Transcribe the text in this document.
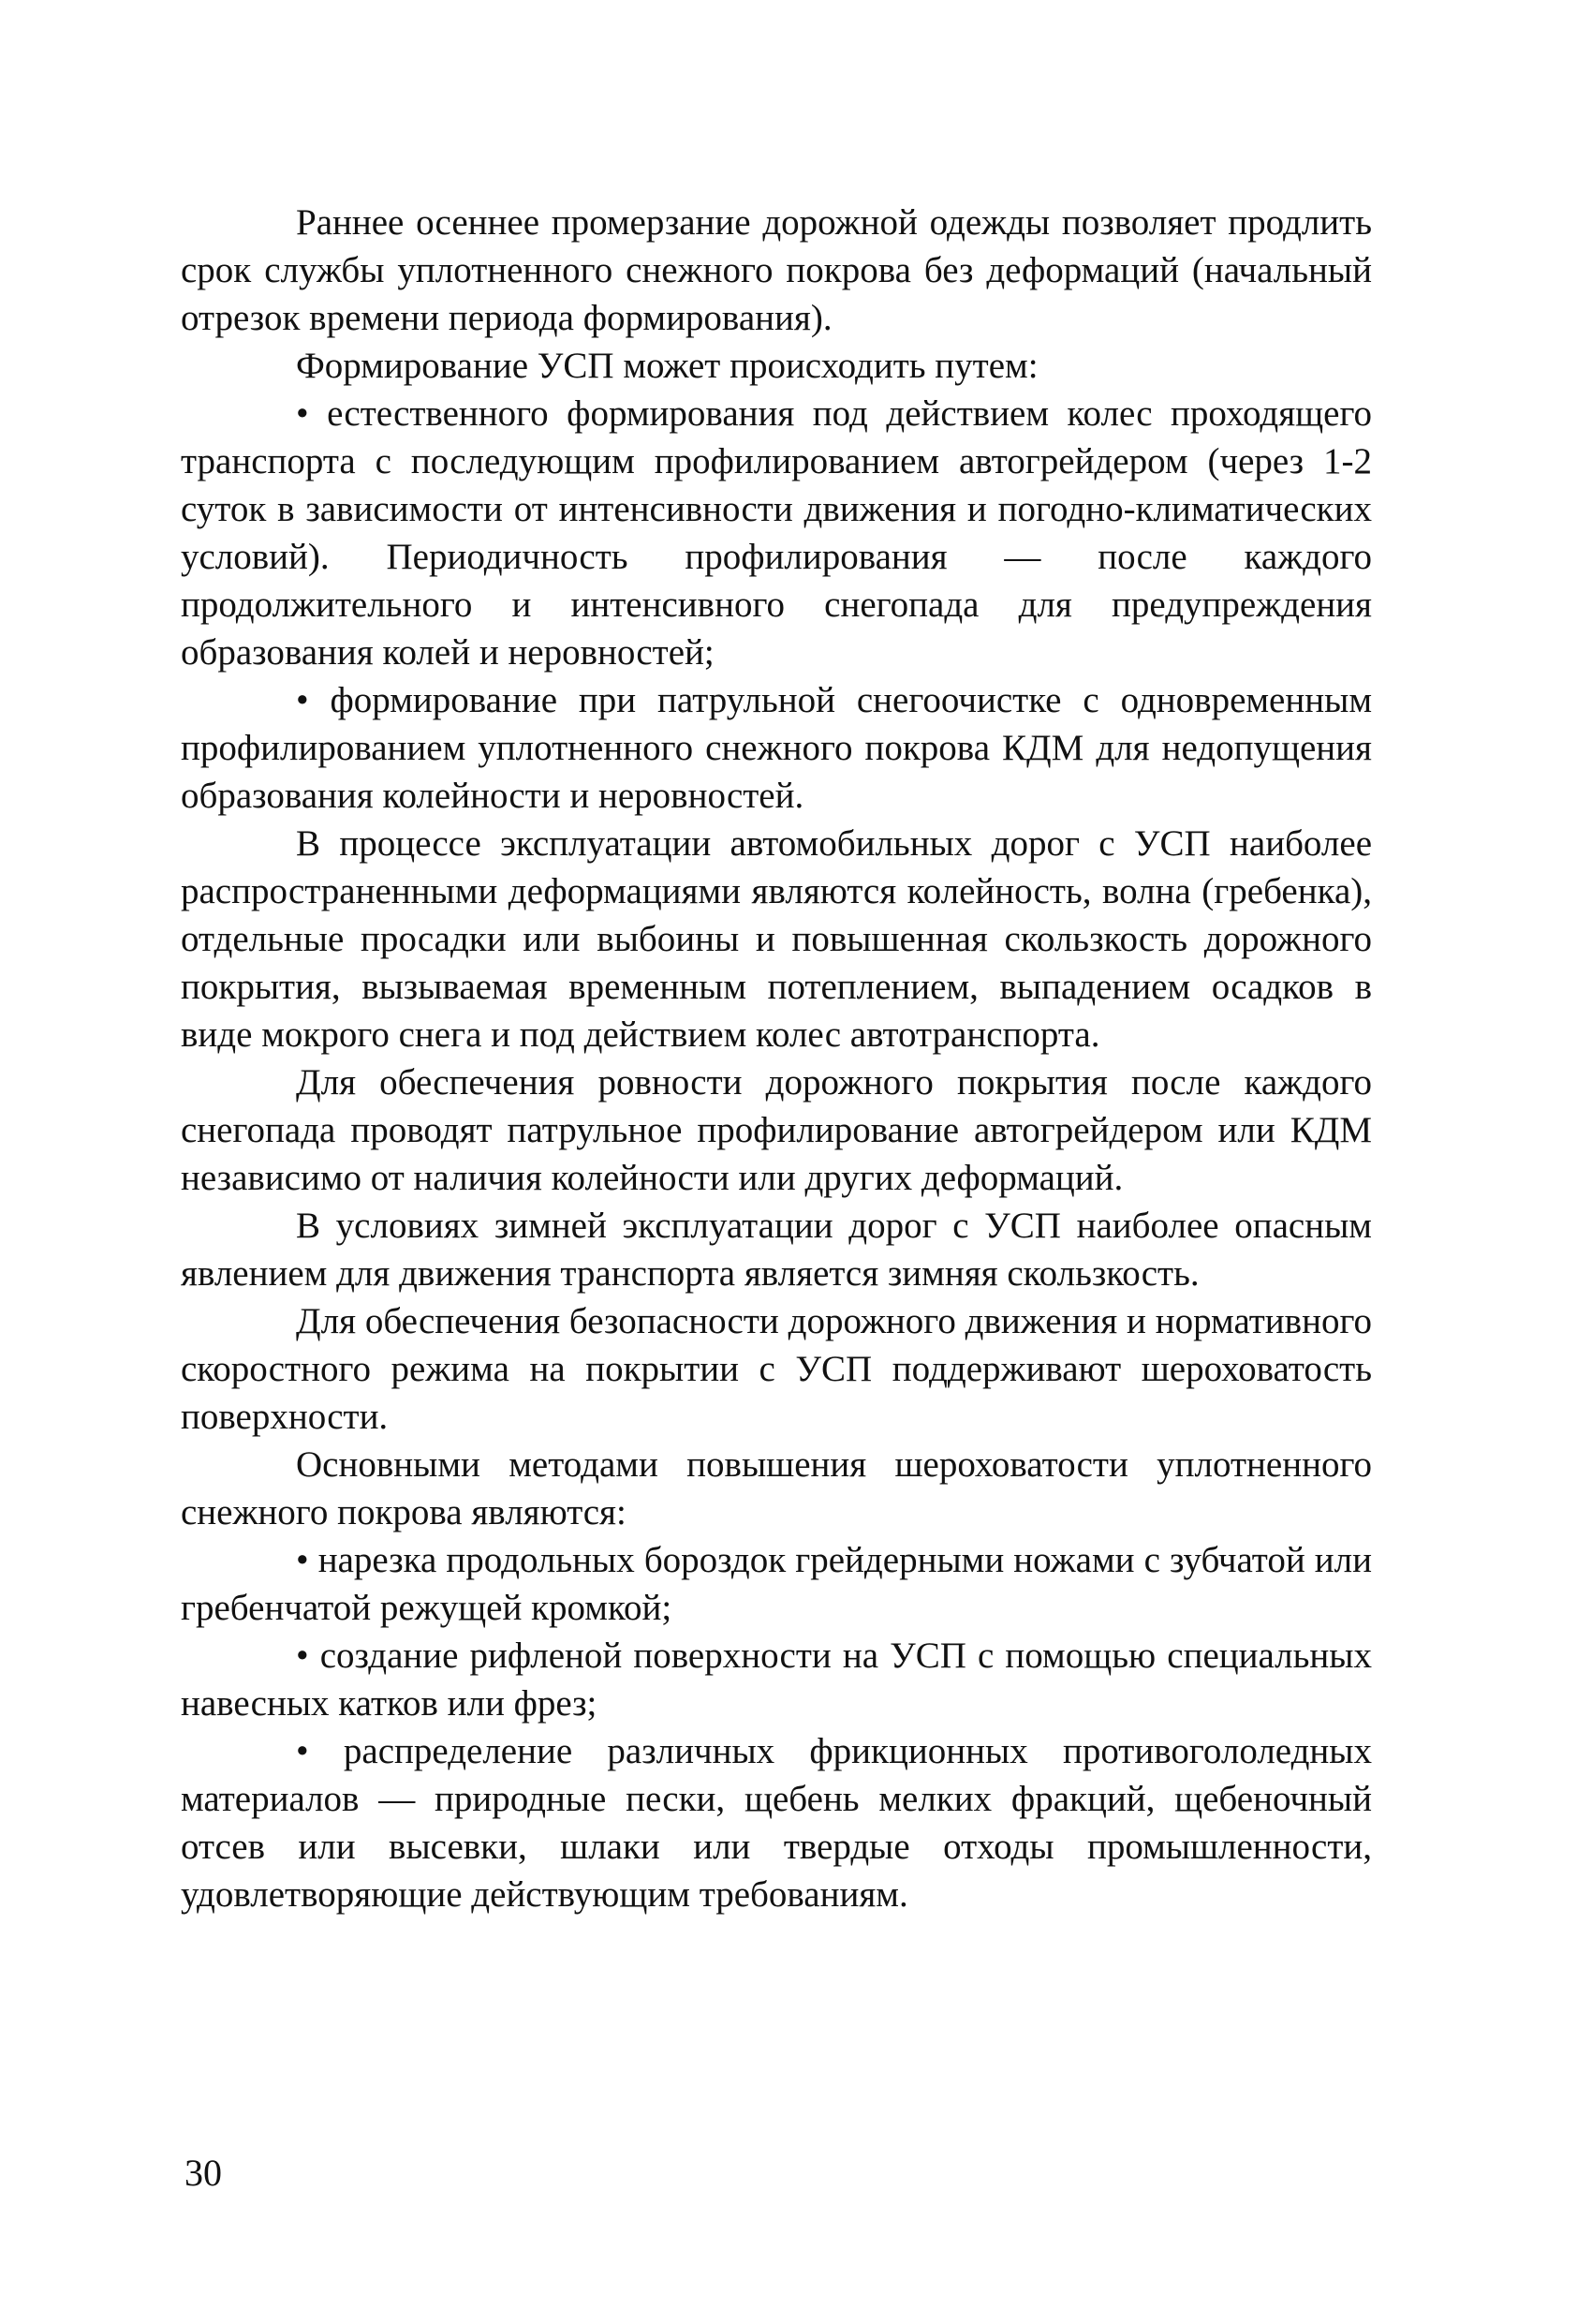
Раннее осеннее промерзание дорожной одежды позволяет продлить срок службы уплотненного снежного покрова без деформаций (начальный отрезок времени периода формирования).

Формирование УСП может происходить путем:

• естественного формирования под действием колес проходящего транспорта с последующим профилированием автогрейдером (через 1-2 суток в зависимости от интенсивности движения и погодно-климатических условий). Периодичность профилирования — после каждого продолжительного и интенсивного снегопада для предупреждения образования колей и неровностей;

• формирование при патрульной снегоочистке с одновременным профилированием уплотненного снежного покрова КДМ для недопущения образования колейности и неровностей.

В процессе эксплуатации автомобильных дорог с УСП наиболее распространенными деформациями являются колейность, волна (гребенка), отдельные просадки или выбоины и повышенная скользкость дорожного покрытия, вызываемая временным потеплением, выпадением осадков в виде мокрого снега и под действием колес автотранспорта.

Для обеспечения ровности дорожного покрытия после каждого снегопада проводят патрульное профилирование автогрейдером или КДМ независимо от наличия колейности или других деформаций.

В условиях зимней эксплуатации дорог с УСП наиболее опасным явлением для движения транспорта является зимняя скользкость.

Для обеспечения безопасности дорожного движения и нормативного скоростного режима на покрытии с УСП поддерживают шероховатость поверхности.

Основными методами повышения шероховатости уплотненного снежного покрова являются:

• нарезка продольных бороздок грейдерными ножами с зубчатой или гребенчатой режущей кромкой;

• создание рифленой поверхности на УСП с помощью специальных навесных катков или фрез;

• распределение различных фрикционных противогололедных материалов — природные пески, щебень мелких фракций, щебеночный отсев или высевки, шлаки или твердые отходы промышленности, удовлетворяющие действующим требованиям.

30
